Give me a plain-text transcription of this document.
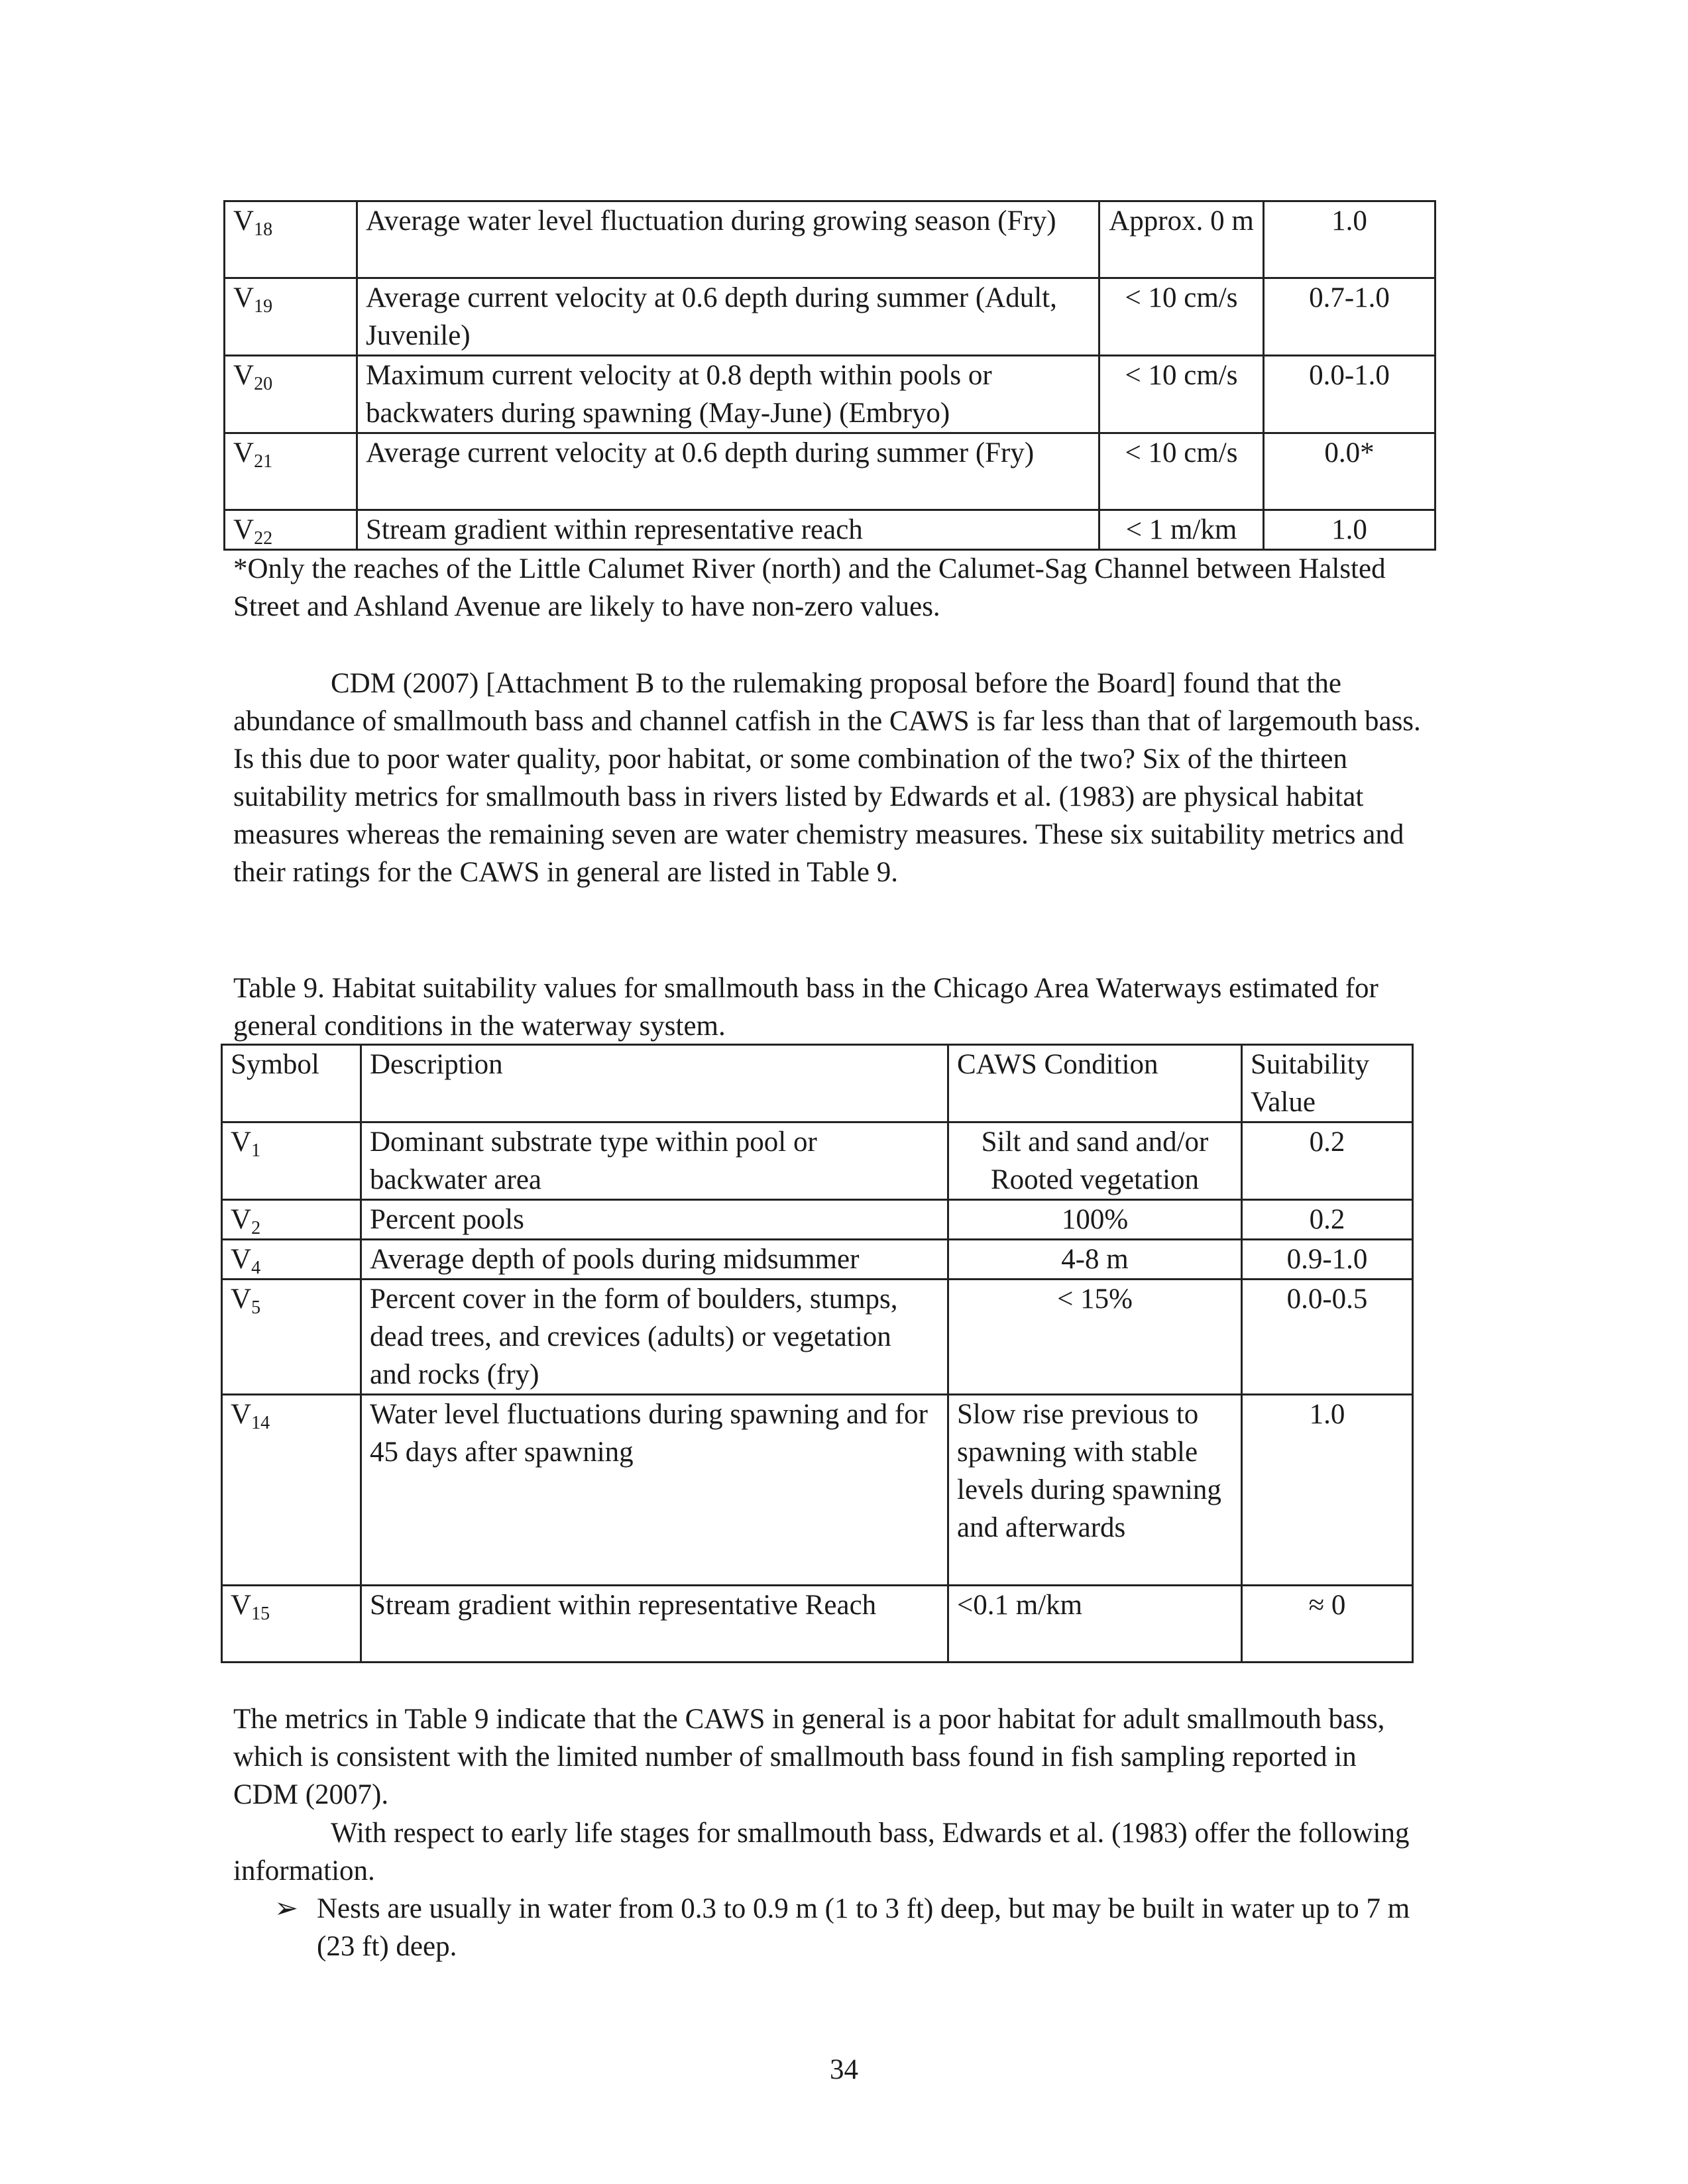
$V_{18}$	Average water level fluctuation during growing season (Fry)	Approx. 0 m	1.0
$V_{19}$	Average current velocity at 0.6 depth during summer (Adult, Juvenile)	< 10 cm/s	0.7-1.0
$V_{20}$	Maximum current velocity at 0.8 depth within pools or backwaters during spawning (May-June) (Embryo)	< 10 cm/s	0.0-1.0
$V_{21}$	Average current velocity at 0.6 depth during summer (Fry)	< 10 cm/s	0.0*
$V_{22}$	Stream gradient within representative reach	< 1 m/km	1.0

*Only the reaches of the Little Calumet River (north) and the Calumet-Sag Channel between Halsted Street and Ashland Avenue are likely to have non-zero values.

CDM (2007) [Attachment B to the rulemaking proposal before the Board] found that the abundance of smallmouth bass and channel catfish in the CAWS is far less than that of largemouth bass. Is this due to poor water quality, poor habitat, or some combination of the two? Six of the thirteen suitability metrics for smallmouth bass in rivers listed by Edwards et al. (1983) are physical habitat measures whereas the remaining seven are water chemistry measures. These six suitability metrics and their ratings for the CAWS in general are listed in Table 9.

Table 9. Habitat suitability values for smallmouth bass in the Chicago Area Waterways estimated for general conditions in the waterway system.

Symbol	Description	CAWS Condition	Suitability Value
$V_1$	Dominant substrate type within pool or backwater area	Silt and sand and/or Rooted vegetation	0.2
$V_2$	Percent pools	100%	0.2
$V_4$	Average depth of pools during midsummer	4-8 m	0.9-1.0
$V_5$	Percent cover in the form of boulders, stumps, dead trees, and crevices (adults) or vegetation and rocks (fry)	< 15%	0.0-0.5
$V_{14}$	Water level fluctuations during spawning and for 45 days after spawning	Slow rise previous to spawning with stable levels during spawning and afterwards	1.0
$V_{15}$	Stream gradient within representative Reach	<0.1 m/km	≈ 0

The metrics in Table 9 indicate that the CAWS in general is a poor habitat for adult smallmouth bass, which is consistent with the limited number of smallmouth bass found in fish sampling reported in CDM (2007).

With respect to early life stages for smallmouth bass, Edwards et al. (1983) offer the following information.

➢ Nests are usually in water from 0.3 to 0.9 m (1 to 3 ft) deep, but may be built in water up to 7 m (23 ft) deep.
34
